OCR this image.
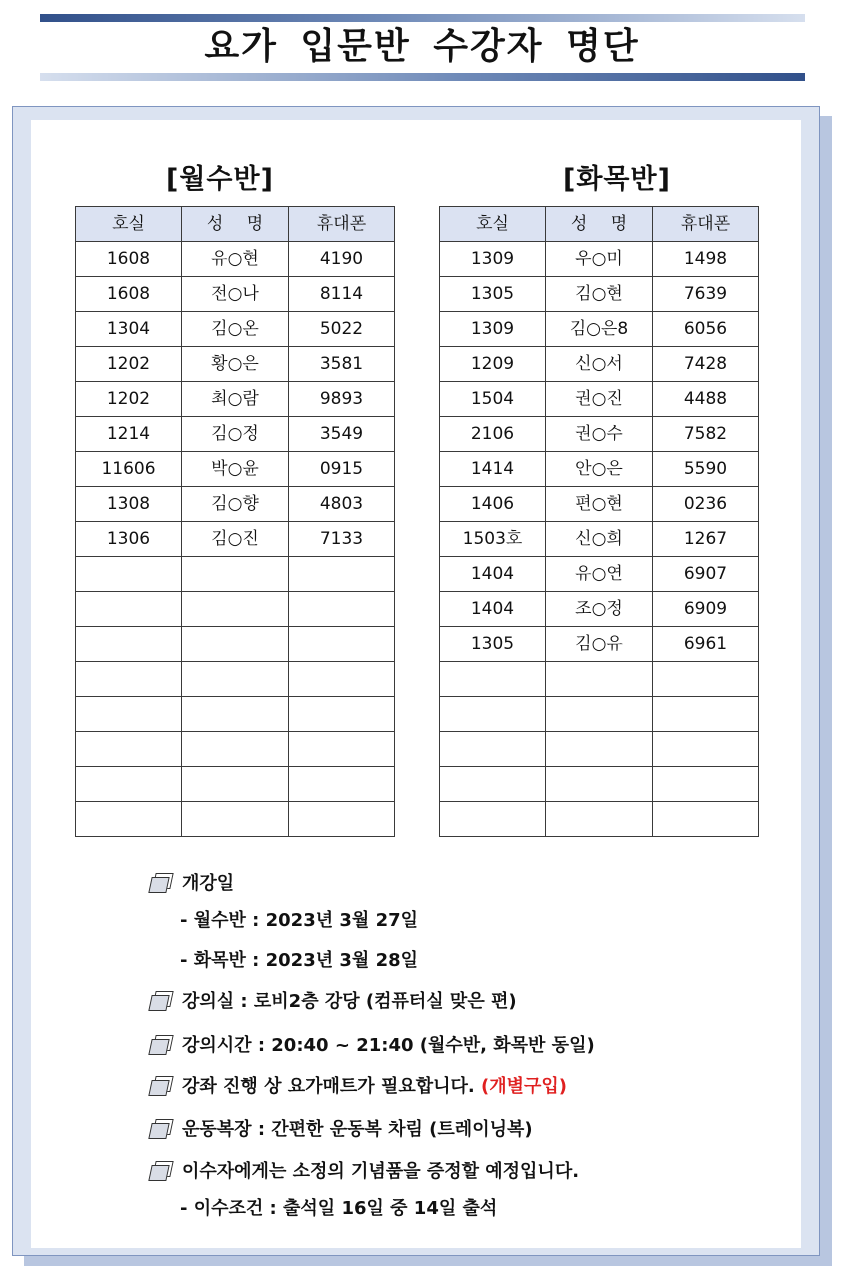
요가 입문반 수강자 명단
[월수반]	[화목반]
호실	성 명	휴대폰
1608	유○현	4190
1608	전○나	8114
1304	김○온	5022
1202	황○은	3581
1202	최○람	9893
1214	김○정	3549
11606	박○윤	0915
1308	김○향	4803
1306	김○진	7133

호실	성 명	휴대폰
1309	우○미	1498
1305	김○현	7639
1309	김○은8	6056
1209	신○서	7428
1504	권○진	4488
2106	권○수	7582
1414	안○은	5590
1406	편○현	0236
1503호	신○희	1267
1404	유○연	6907
1404	조○정	6909
1305	김○유	6961

개강일
- 월수반 : 2023년 3월 27일
- 화목반 : 2023년 3월 28일
강의실 : 로비2층 강당 (컴퓨터실 맞은 편)
강의시간 : 20:40 ~ 21:40 (월수반, 화목반 동일)
강좌 진행 상 요가매트가 필요합니다. (개별구입)
운동복장 : 간편한 운동복 차림 (트레이닝복)
이수자에게는 소정의 기념품을 증정할 예정입니다.
- 이수조건 : 출석일 16일 중 14일 출석
